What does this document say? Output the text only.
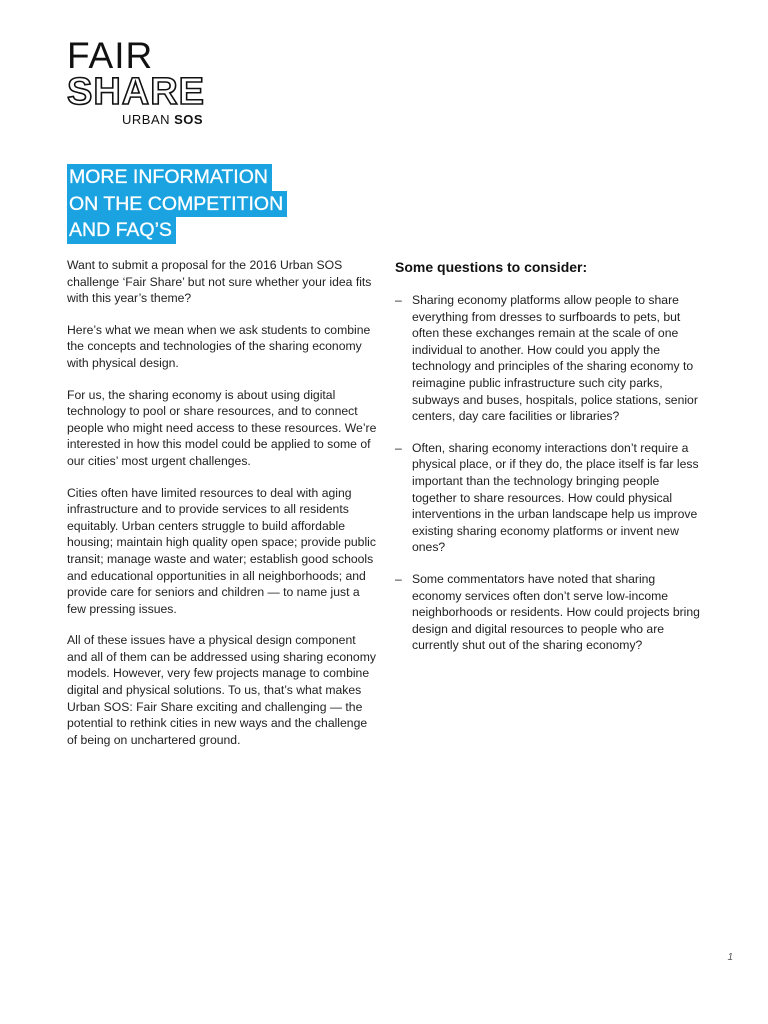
FAIR
SHARE
URBAN SOS
MORE INFORMATION
ON THE COMPETITION
AND FAQ’S

Want to submit a proposal for the 2016 Urban SOS challenge ‘Fair Share’ but not sure whether your idea fits with this year’s theme?

Here’s what we mean when we ask students to combine the concepts and technologies of the sharing economy with physical design.

For us, the sharing economy is about using digital technology to pool or share resources, and to connect people who might need access to these resources. We’re interested in how this model could be applied to some of our cities’ most urgent challenges.

Cities often have limited resources to deal with aging infrastructure and to provide services to all residents equitably. Urban centers struggle to build affordable housing; maintain high quality open space; provide public transit; manage waste and water; establish good schools and educational opportunities in all neighborhoods; and provide care for seniors and children — to name just a few pressing issues.

All of these issues have a physical design component and all of them can be addressed using sharing economy models. However, very few projects manage to combine digital and physical solutions. To us, that’s what makes Urban SOS: Fair Share exciting and challenging — the potential to rethink cities in new ways and the challenge of being on unchartered ground.

Some questions to consider:
– Sharing economy platforms allow people to share everything from dresses to surfboards to pets, but often these exchanges remain at the scale of one individual to another. How could you apply the technology and principles of the sharing economy to reimagine public infrastructure such city parks, subways and buses, hospitals, police stations, senior centers, day care facilities or libraries?
– Often, sharing economy interactions don’t require a physical place, or if they do, the place itself is far less important than the technology bringing people together to share resources. How could physical interventions in the urban landscape help us improve existing sharing economy platforms or invent new ones?
– Some commentators have noted that sharing economy services often don’t serve low-income neighborhoods or residents. How could projects bring design and digital resources to people who are currently shut out of the sharing economy?
1
